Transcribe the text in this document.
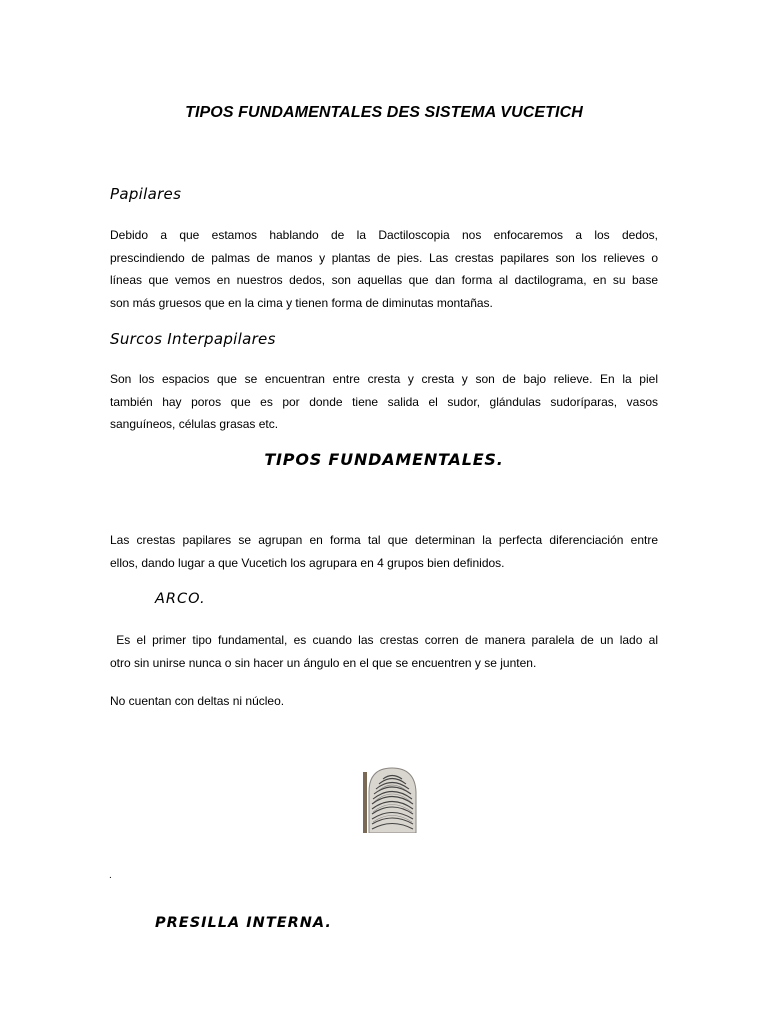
TIPOS FUNDAMENTALES DES SISTEMA VUCETICH
Papilares
Debido a que estamos hablando de la Dactiloscopia nos enfocaremos a los dedos,
prescindiendo de palmas de manos y plantas de pies. Las crestas papilares son los relieves o
líneas que vemos en nuestros dedos, son aquellas que dan forma al dactilograma, en su base
son más gruesos que en la cima y tienen forma de diminutas montañas.
Surcos Interpapilares
Son los espacios que se encuentran entre cresta y cresta y son de bajo relieve. En la piel
también hay poros que es por donde tiene salida el sudor, glándulas sudoríparas, vasos
sanguíneos, células grasas etc.
TIPOS FUNDAMENTALES.
Las crestas papilares se agrupan en forma tal que determinan la perfecta diferenciación entre
ellos, dando lugar a que Vucetich los agrupara en 4 grupos bien definidos.
ARCO.
Es el primer tipo fundamental, es cuando las crestas corren de manera paralela de un lado al
otro sin unirse nunca o sin hacer un ángulo en el que se encuentren y se junten.
No cuentan con deltas ni núcleo.
.
PRESILLA INTERNA.
